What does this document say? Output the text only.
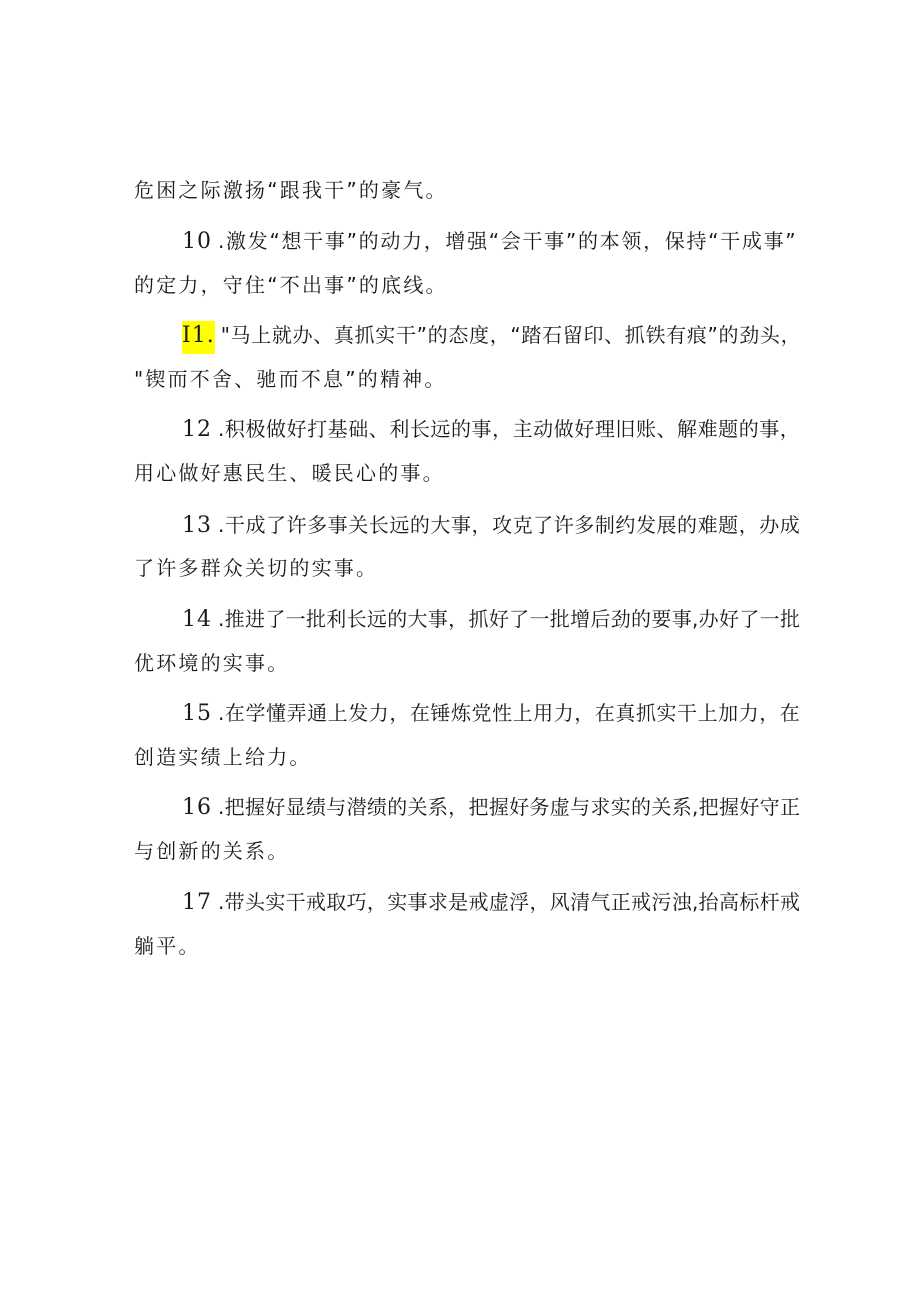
危困之际激扬“跟我干”的豪气。
10 .激发“想干事”的动力，增强“会干事”的本领，保持“干成事”
的定力，守住“不出事”的底线。
I1. "马上就办、真抓实干”的态度，“踏石留印、抓铁有痕”的劲头，
"锲而不舍、驰而不息”的精神。
12 .积极做好打基础、利长远的事，主动做好理旧账、解难题的事，
用心做好惠民生、暖民心的事。
13 .干成了许多事关长远的大事，攻克了许多制约发展的难题，办成
了许多群众关切的实事。
14 .推进了一批利长远的大事，抓好了一批增后劲的要事,办好了一批
优环境的实事。
15 .在学懂弄通上发力，在锤炼党性上用力，在真抓实干上加力，在
创造实绩上给力。
16 .把握好显绩与潜绩的关系，把握好务虚与求实的关系,把握好守正
与创新的关系。
17 .带头实干戒取巧，实事求是戒虚浮，风清气正戒污浊,抬高标杆戒
躺平。
